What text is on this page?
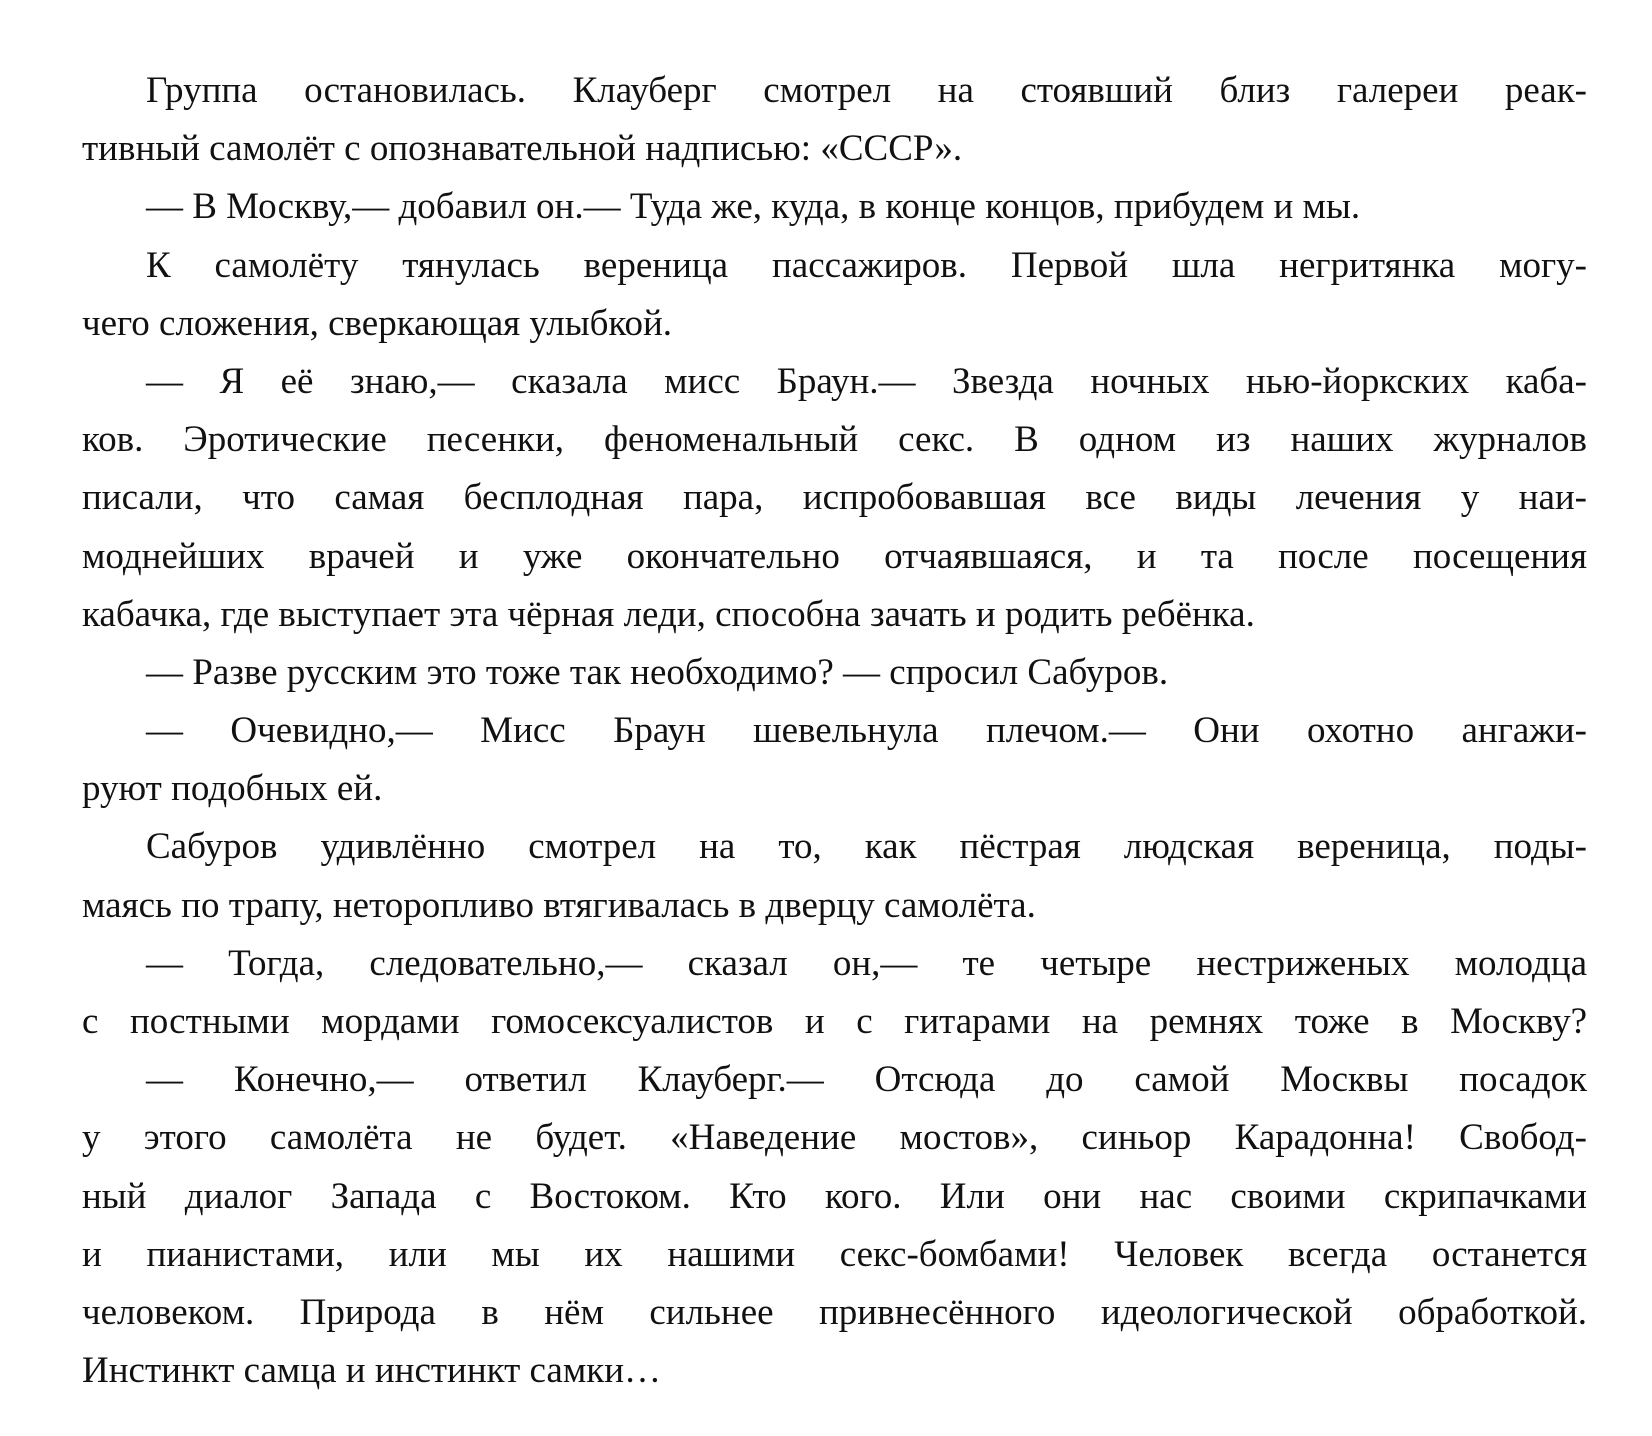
Группа остановилась. Клауберг смотрел на стоявший близ галереи реак-
тивный самолёт с опознавательной надписью: «СССР».
— В Москву,— добавил он.— Туда же, куда, в конце концов, прибудем и мы.
К самолёту тянулась вереница пассажиров. Первой шла негритянка могу-
чего сложения, сверкающая улыбкой.
— Я её знаю,— сказала мисс Браун.— Звезда ночных нью-йоркских каба-
ков. Эротические песенки, феноменальный секс. В одном из наших журналов
писали, что самая бесплодная пара, испробовавшая все виды лечения у наи-
моднейших врачей и уже окончательно отчаявшаяся, и та после посещения
кабачка, где выступает эта чёрная леди, способна зачать и родить ребёнка.
— Разве русским это тоже так необходимо? — спросил Сабуров.
— Очевидно,— Мисс Браун шевельнула плечом.— Они охотно ангажи-
руют подобных ей.
Сабуров удивлённо смотрел на то, как пёстрая людская вереница, поды-
маясь по трапу, неторопливо втягивалась в дверцу самолёта.
— Тогда, следовательно,— сказал он,— те четыре нестриженых молодца
с постными мордами гомосексуалистов и с гитарами на ремнях тоже в Москву?
— Конечно,— ответил Клауберг.— Отсюда до самой Москвы посадок
у этого самолёта не будет. «Наведение мостов», синьор Карадонна! Свобод-
ный диалог Запада с Востоком. Кто кого. Или они нас своими скрипачками
и пианистами, или мы их нашими секс-бомбами! Человек всегда останется
человеком. Природа в нём сильнее привнесённого идеологической обработкой.
Инстинкт самца и инстинкт самки…
